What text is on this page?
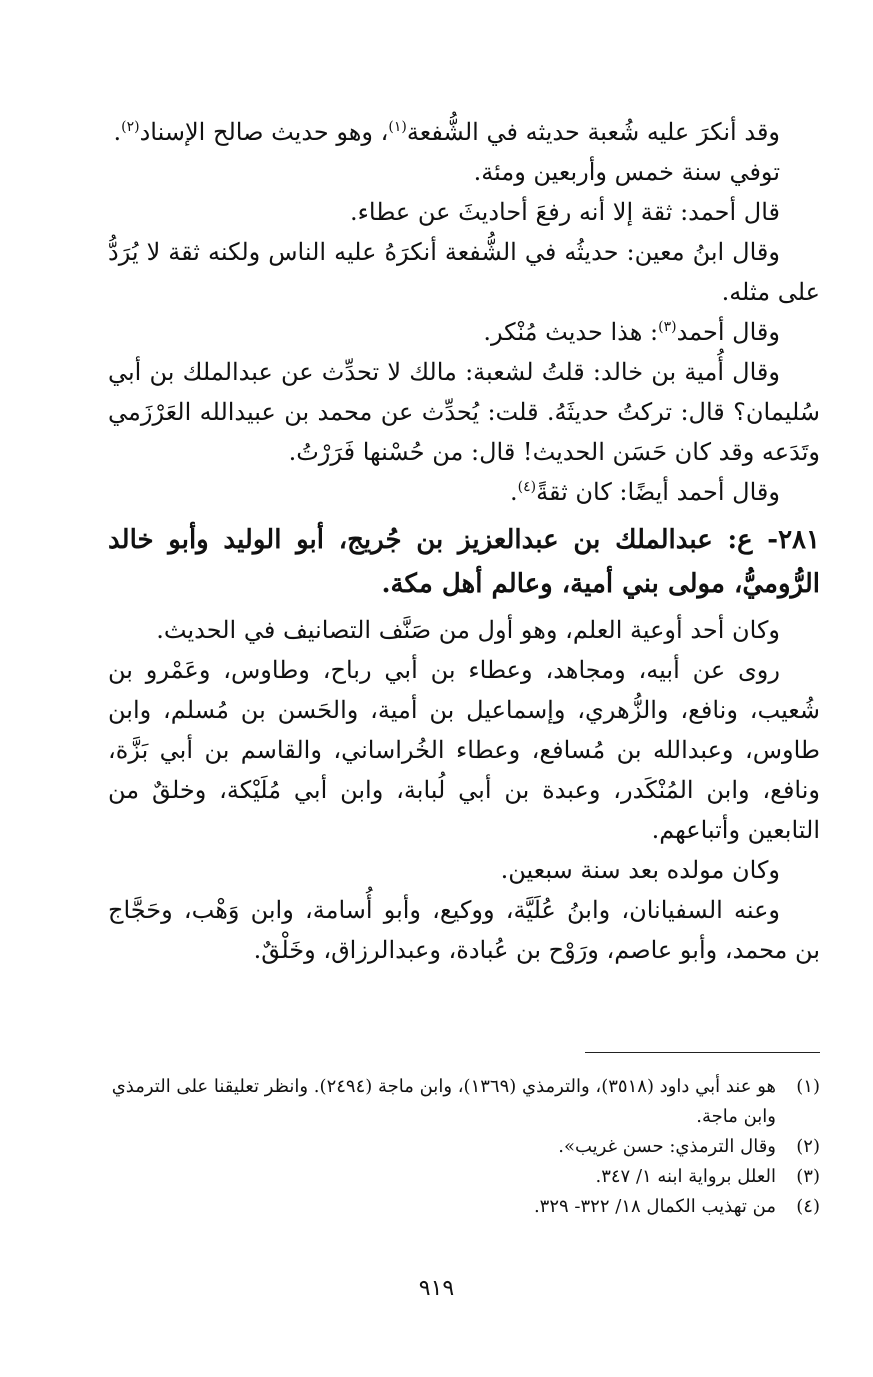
وقد أنكرَ عليه شُعبة حديثه في الشُّفعة$^{(١)}$، وهو حديث صالح الإسناد$^{(٢)}$.

توفي سنة خمس وأربعين ومئة.

قال أحمد: ثقة إلا أنه رفعَ أحاديثَ عن عطاء.

وقال ابنُ معين: حديثُه في الشُّفعة أنكرَهُ عليه الناس ولكنه ثقة لا يُرَدُّ على مثله.

وقال أحمد$^{(٣)}$: هذا حديث مُنْكر.

وقال أُمية بن خالد: قلتُ لشعبة: مالك لا تحدِّث عن عبدالملك بن أبي سُليمان؟ قال: تركتُ حديثَهُ. قلت: يُحدِّث عن محمد بن عبيدالله العَرْزَمي وتَدَعه وقد كان حَسَن الحديث! قال: من حُسْنها فَرَرْتُ.

وقال أحمد أيضًا: كان ثقةً$^{(٤)}$.

٢٨١- ع: عبدالملك بن عبدالعزيز بن جُريج، أبو الوليد وأبو خالد الرُّوميُّ، مولى بني أمية، وعالم أهل مكة.

وكان أحد أوعية العلم، وهو أول من صَنَّف التصانيف في الحديث.

روى عن أبيه، ومجاهد، وعطاء بن أبي رباح، وطاوس، وعَمْرو بن شُعيب، ونافع، والزُّهري، وإسماعيل بن أمية، والحَسن بن مُسلم، وابن طاوس، وعبدالله بن مُسافع، وعطاء الخُراساني، والقاسم بن أبي بَزَّة، ونافع، وابن المُنْكَدر، وعبدة بن أبي لُبابة، وابن أبي مُلَيْكة، وخلقٌ من التابعين وأتباعهم.

وكان مولده بعد سنة سبعين.

وعنه السفيانان، وابنُ عُلَيَّة، ووكيع، وأبو أُسامة، وابن وَهْب، وحَجَّاج بن محمد، وأبو عاصم، ورَوْح بن عُبادة، وعبدالرزاق، وخَلْقٌ.

(١)
هو عند أبي داود (٣٥١٨)، والترمذي (١٣٦٩)، وابن ماجة (٢٤٩٤). وانظر تعليقنا على الترمذي وابن ماجة.
(٢)
وقال الترمذي: حسن غريب».
(٣)
العلل برواية ابنه ١/ ٣٤٧.
(٤)
من تهذيب الكمال ١٨/ ٣٢٢- ٣٢٩.
٩١٩
